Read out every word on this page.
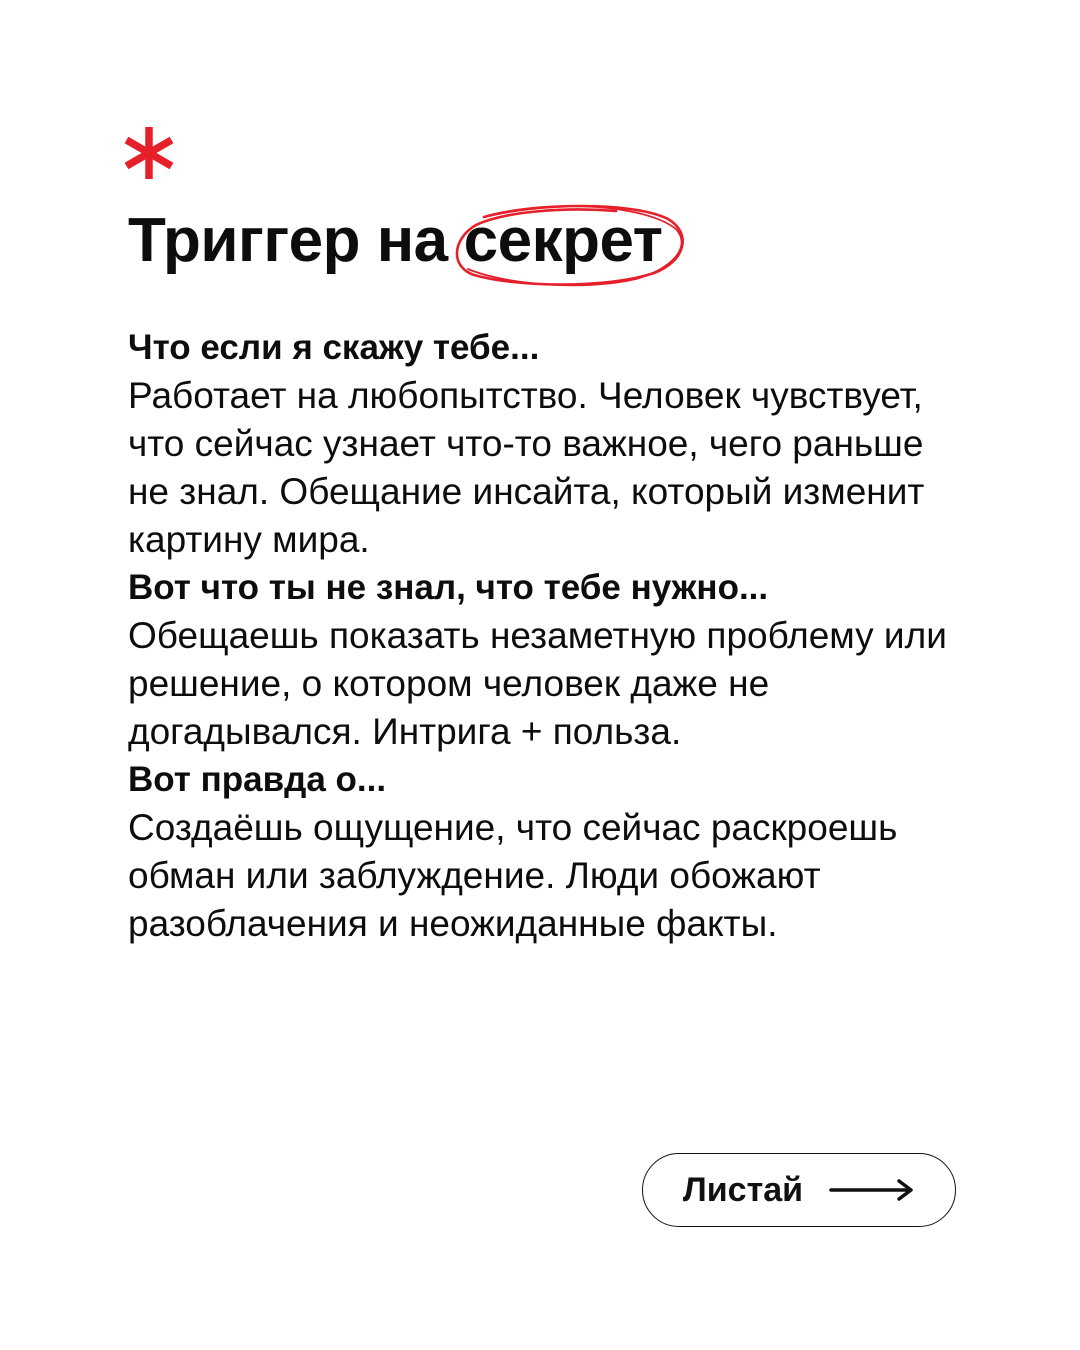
Триггер на секрет

Что если я скажу тебе...

Работает на любопытство. Человек чувствует, что сейчас узнает что-то важное, чего раньше не знал. Обещание инсайта, который изменит картину мира.

Вот что ты не знал, что тебе нужно...

Обещаешь показать незаметную проблему или решение, о котором человек даже не догадывался. Интрига + польза.

Вот правда о...

Создаёшь ощущение, что сейчас раскроешь обман или заблуждение. Люди обожают разоблачения и неожиданные факты.

Листай
